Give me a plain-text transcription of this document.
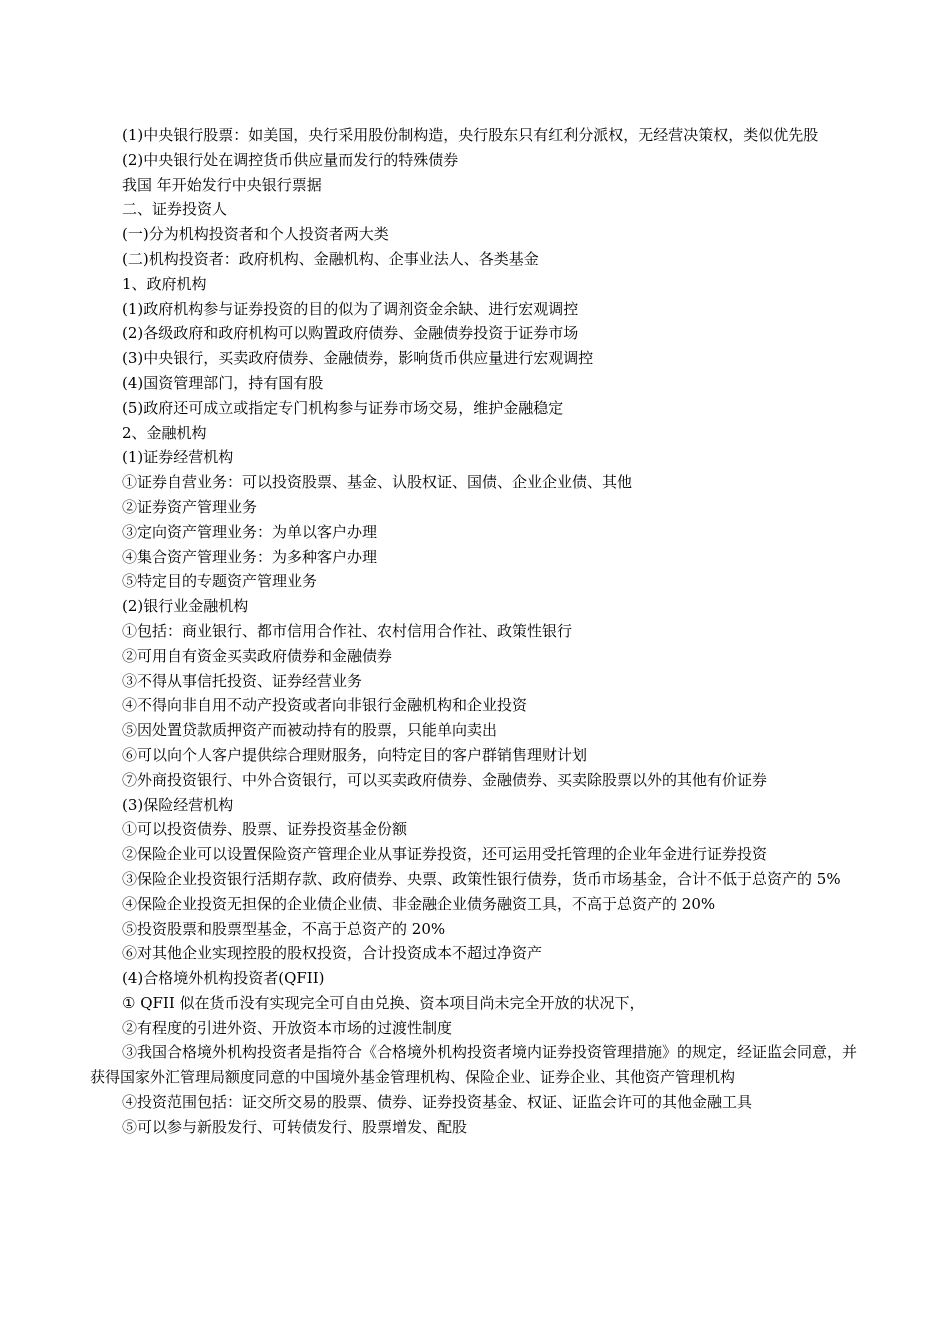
(1)中央银行股票：如美国，央行采用股份制构造，央行股东只有红利分派权，无经营决策权，类似优先股

(2)中央银行处在调控货币供应量而发行的特殊债券

我国 年开始发行中央银行票据

二、证券投资人

(一)分为机构投资者和个人投资者两大类

(二)机构投资者：政府机构、金融机构、企事业法人、各类基金

1、政府机构

(1)政府机构参与证券投资的目的似为了调剂资金余缺、进行宏观调控

(2)各级政府和政府机构可以购置政府债券、金融债券投资于证券市场

(3)中央银行，买卖政府债券、金融债券，影响货币供应量进行宏观调控

(4)国资管理部门，持有国有股

(5)政府还可成立或指定专门机构参与证券市场交易，维护金融稳定

2、金融机构

(1)证券经营机构

①证券自营业务：可以投资股票、基金、认股权证、国债、企业企业债、其他

②证券资产管理业务

③定向资产管理业务：为单以客户办理

④集合资产管理业务：为多种客户办理

⑤特定目的专题资产管理业务

(2)银行业金融机构

①包括：商业银行、都市信用合作社、农村信用合作社、政策性银行

②可用自有资金买卖政府债券和金融债券

③不得从事信托投资、证券经营业务

④不得向非自用不动产投资或者向非银行金融机构和企业投资

⑤因处置贷款质押资产而被动持有的股票，只能单向卖出

⑥可以向个人客户提供综合理财服务，向特定目的客户群销售理财计划

⑦外商投资银行、中外合资银行，可以买卖政府债券、金融债券、买卖除股票以外的其他有价证券

(3)保险经营机构

①可以投资债券、股票、证券投资基金份额

②保险企业可以设置保险资产管理企业从事证券投资，还可运用受托管理的企业年金进行证券投资

③保险企业投资银行活期存款、政府债券、央票、政策性银行债券，货币市场基金，合计不低于总资产的 5%

④保险企业投资无担保的企业债企业债、非金融企业债务融资工具，不高于总资产的 20%

⑤投资股票和股票型基金，不高于总资产的 20%

⑥对其他企业实现控股的股权投资，合计投资成本不超过净资产

(4)合格境外机构投资者(QFII)

① QFII 似在货币没有实现完全可自由兑换、资本项目尚未完全开放的状况下，

②有程度的引进外资、开放资本市场的过渡性制度

③我国合格境外机构投资者是指符合《合格境外机构投资者境内证券投资管理措施》的规定，经证监会同意，并获得国家外汇管理局额度同意的中国境外基金管理机构、保险企业、证券企业、其他资产管理机构

④投资范围包括：证交所交易的股票、债券、证券投资基金、权证、证监会许可的其他金融工具

⑤可以参与新股发行、可转债发行、股票增发、配股
